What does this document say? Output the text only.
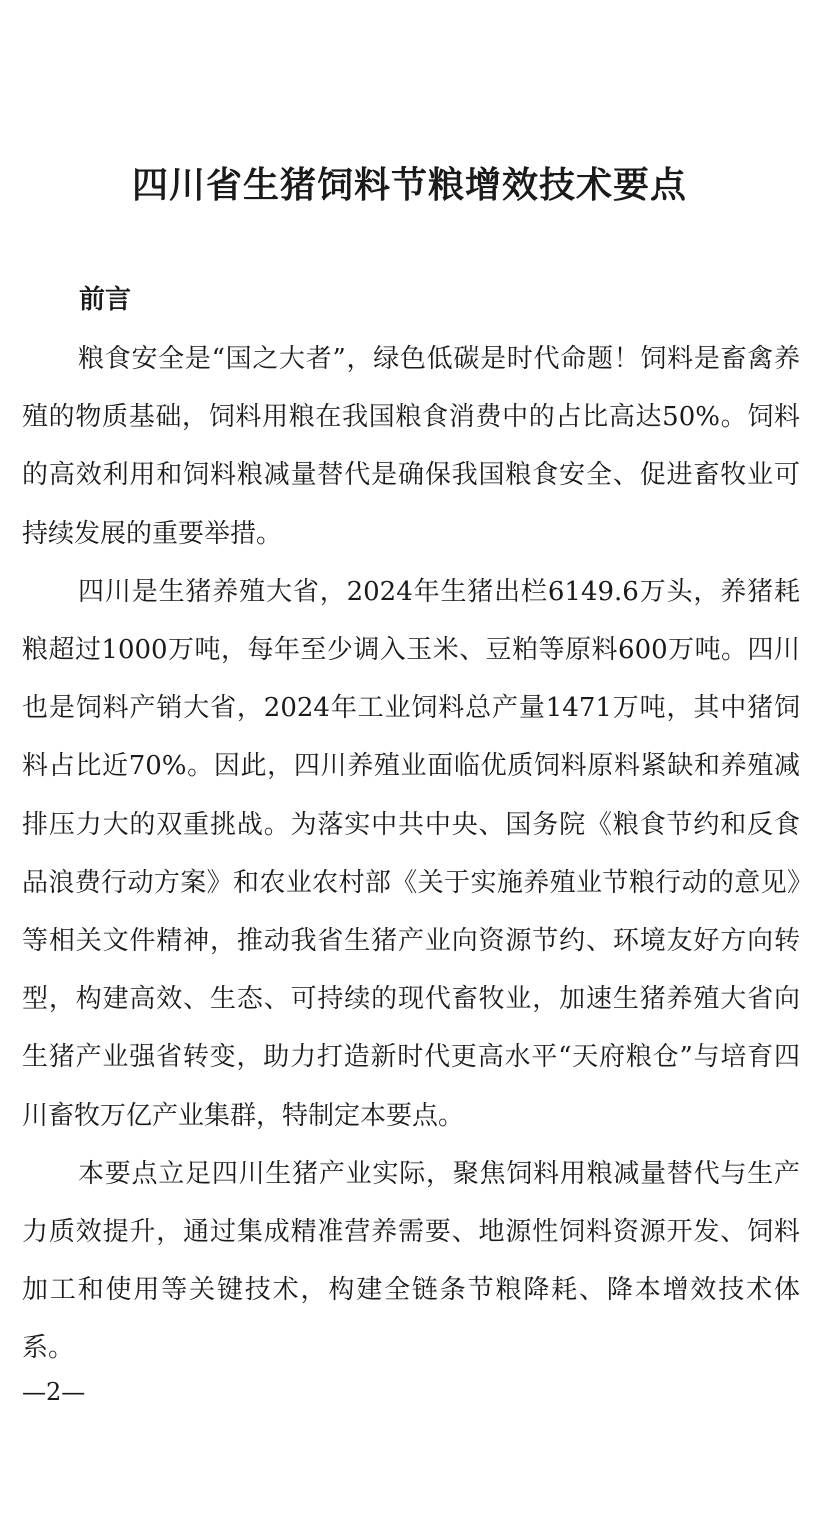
四川省生猪饲料节粮增效技术要点
前言

粮食安全是“国之大者”，绿色低碳是时代命题！饲料是畜禽养殖的物质基础，饲料用粮在我国粮食消费中的占比高达50%。饲料的高效利用和饲料粮减量替代是确保我国粮食安全、促进畜牧业可持续发展的重要举措。

四川是生猪养殖大省，2024年生猪出栏6149.6万头，养猪耗粮超过1000万吨，每年至少调入玉米、豆粕等原料600万吨。四川也是饲料产销大省，2024年工业饲料总产量1471万吨，其中猪饲料占比近70%。因此，四川养殖业面临优质饲料原料紧缺和养殖减排压力大的双重挑战。为落实中共中央、国务院《粮食节约和反食品浪费行动方案》和农业农村部《关于实施养殖业节粮行动的意见》等相关文件精神，推动我省生猪产业向资源节约、环境友好方向转型，构建高效、生态、可持续的现代畜牧业，加速生猪养殖大省向生猪产业强省转变，助力打造新时代更高水平“天府粮仓”与培育四川畜牧万亿产业集群，特制定本要点。

本要点立足四川生猪产业实际，聚焦饲料用粮减量替代与生产力质效提升，通过集成精准营养需要、地源性饲料资源开发、饲料加工和使用等关键技术，构建全链条节粮降耗、降本增效技术体系。

—2—
